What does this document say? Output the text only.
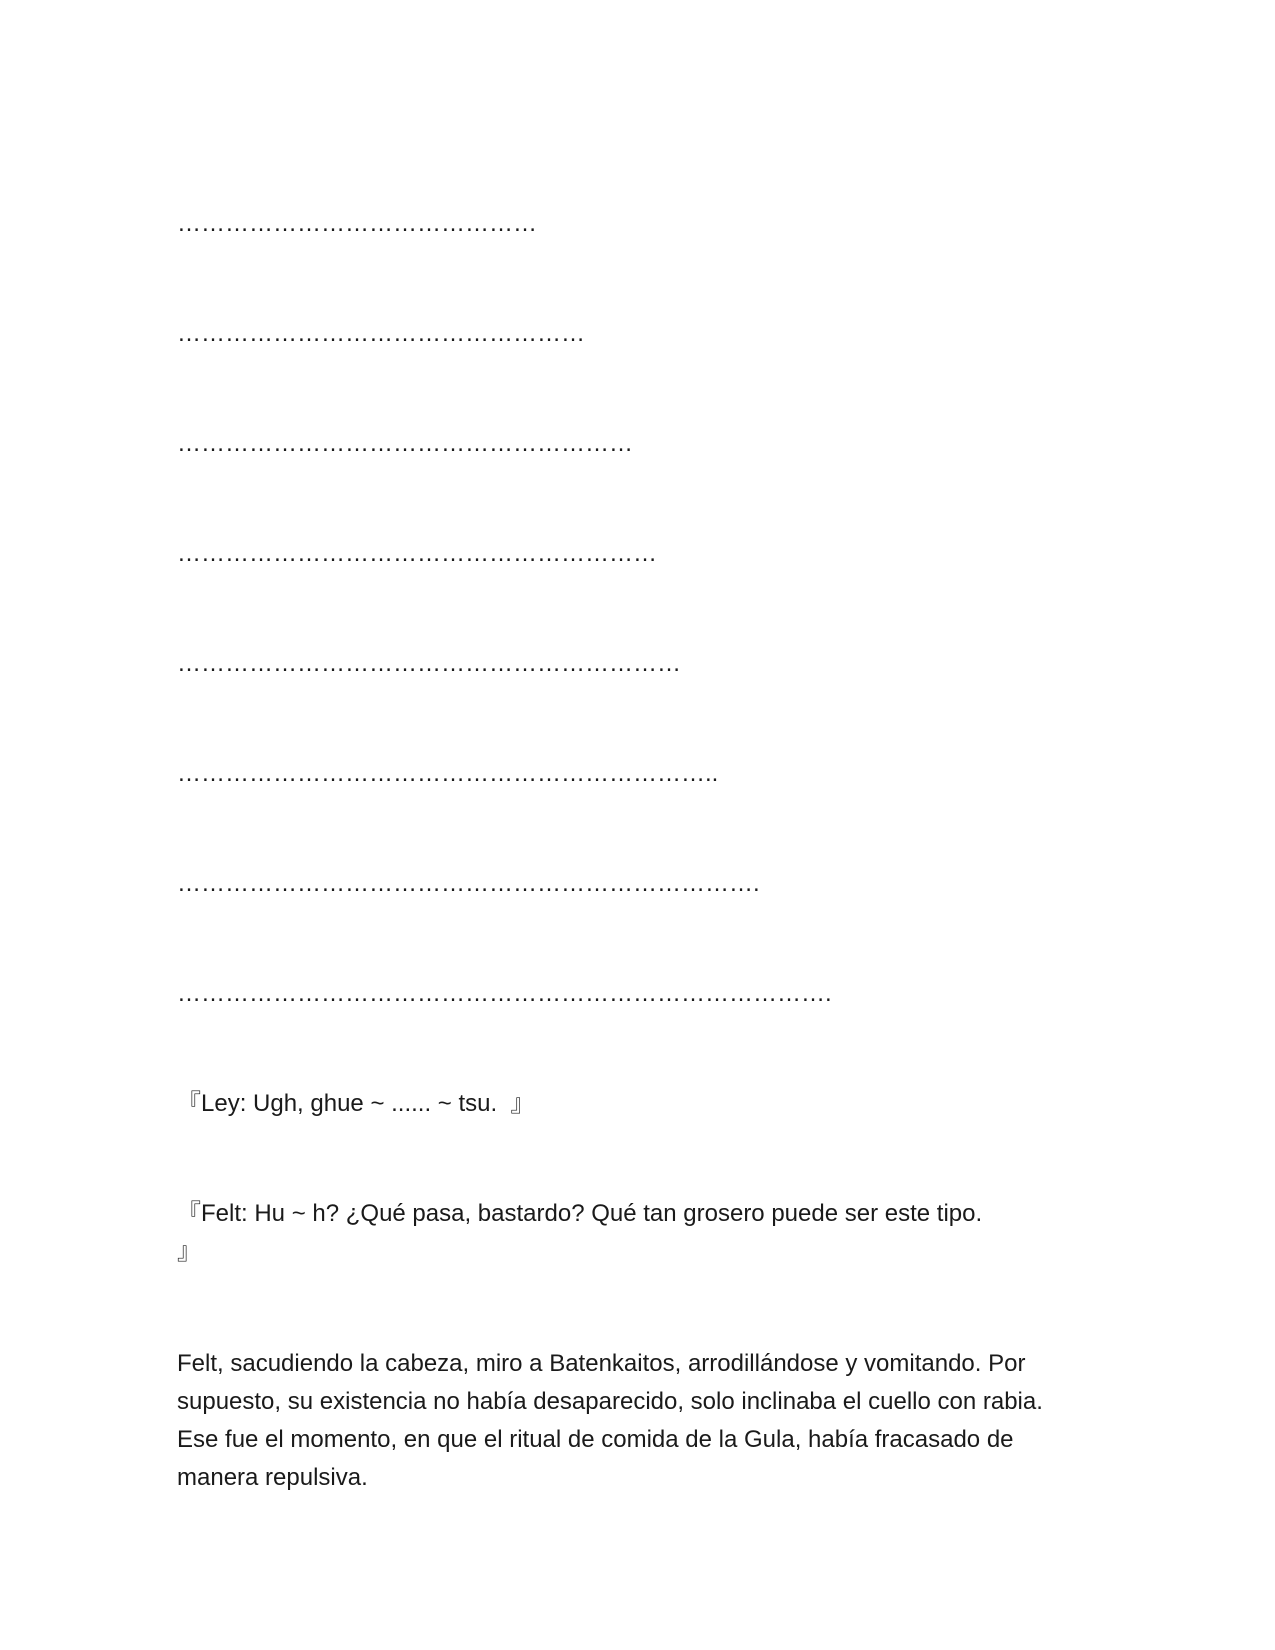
………………………………………

……………………………………………

…………………………………………………

……………………………………………………

………………………………………………………

…………………………………………………………..

……………………………………………………………….

……………………………………………………………………….

『Ley: Ugh, ghue ~ ...... ~ tsu.  』

『Felt: Hu ~ h? ¿Qué pasa, bastardo? Qué tan grosero puede ser este tipo.
』

Felt, sacudiendo la cabeza, miro a Batenkaitos, arrodillándose y vomitando. Por supuesto, su existencia no había desaparecido, solo inclinaba el cuello con rabia. Ese fue el momento, en que el ritual de comida de la Gula, había fracasado de manera repulsiva.
